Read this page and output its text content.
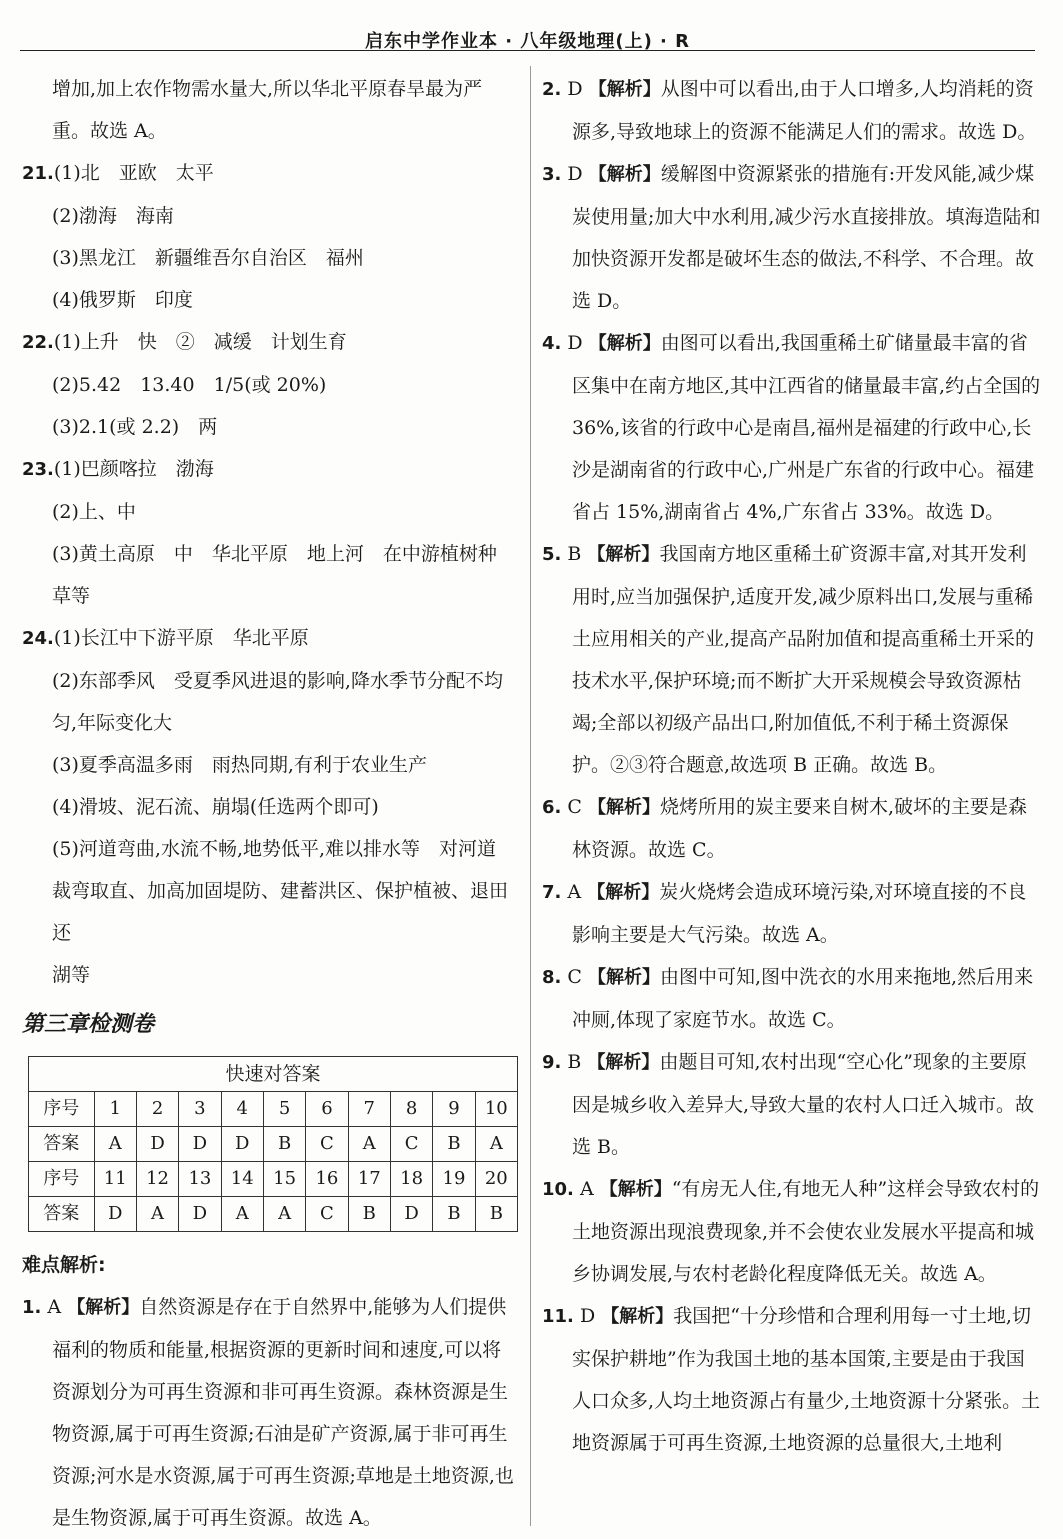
启东中学作业本 · 八年级地理(上) · R
增加,加上农作物需水量大,所以华北平原春旱最为严
重。故选 A。
21.(1)北　亚欧　太平
(2)渤海　海南
(3)黑龙江　新疆维吾尔自治区　福州
(4)俄罗斯　印度
22.(1)上升　快　②　减缓　计划生育
(2)5.42　13.40　1/5(或 20%)
(3)2.1(或 2.2)　两
23.(1)巴颜喀拉　渤海
(2)上、中
(3)黄土高原　中　华北平原　地上河　在中游植树种
草等
24.(1)长江中下游平原　华北平原
(2)东部季风　受夏季风进退的影响,降水季节分配不均
匀,年际变化大
(3)夏季高温多雨　雨热同期,有利于农业生产
(4)滑坡、泥石流、崩塌(任选两个即可)
(5)河道弯曲,水流不畅,地势低平,难以排水等　对河道
裁弯取直、加高加固堤防、建蓄洪区、保护植被、退田还
湖等
第三章检测卷
快速对答案										
序号	1	2	3	4	5	6	7	8	9	10
答案	A	D	D	D	B	C	A	C	B	A
序号	11	12	13	14	15	16	17	18	19	20
答案	D	A	D	A	A	C	B	D	B	B
难点解析:
1. A 【解析】自然资源是存在于自然界中,能够为人们提供福利的物质和能量,根据资源的更新时间和速度,可以将资源划分为可再生资源和非可再生资源。森林资源是生物资源,属于可再生资源;石油是矿产资源,属于非可再生资源;河水是水资源,属于可再生资源;草地是土地资源,也是生物资源,属于可再生资源。故选 A。
2. D 【解析】从图中可以看出,由于人口增多,人均消耗的资源多,导致地球上的资源不能满足人们的需求。故选 D。
3. D 【解析】缓解图中资源紧张的措施有:开发风能,减少煤炭使用量;加大中水利用,减少污水直接排放。填海造陆和加快资源开发都是破坏生态的做法,不科学、不合理。故选 D。
4. D 【解析】由图可以看出,我国重稀土矿储量最丰富的省区集中在南方地区,其中江西省的储量最丰富,约占全国的 36%,该省的行政中心是南昌,福州是福建的行政中心,长沙是湖南省的行政中心,广州是广东省的行政中心。福建省占 15%,湖南省占 4%,广东省占 33%。故选 D。
5. B 【解析】我国南方地区重稀土矿资源丰富,对其开发利用时,应当加强保护,适度开发,减少原料出口,发展与重稀土应用相关的产业,提高产品附加值和提高重稀土开采的技术水平,保护环境;而不断扩大开采规模会导致资源枯竭;全部以初级产品出口,附加值低,不利于稀土资源保护。②③符合题意,故选项 B 正确。故选 B。
6. C 【解析】烧烤所用的炭主要来自树木,破坏的主要是森林资源。故选 C。
7. A 【解析】炭火烧烤会造成环境污染,对环境直接的不良影响主要是大气污染。故选 A。
8. C 【解析】由图中可知,图中洗衣的水用来拖地,然后用来冲厕,体现了家庭节水。故选 C。
9. B 【解析】由题目可知,农村出现“空心化”现象的主要原因是城乡收入差异大,导致大量的农村人口迁入城市。故选 B。
10. A 【解析】“有房无人住,有地无人种”这样会导致农村的土地资源出现浪费现象,并不会使农业发展水平提高和城乡协调发展,与农村老龄化程度降低无关。故选 A。
11. D 【解析】我国把“十分珍惜和合理利用每一寸土地,切实保护耕地”作为我国土地的基本国策,主要是由于我国人口众多,人均土地资源占有量少,土地资源十分紧张。土地资源属于可再生资源,土地资源的总量很大,土地利
